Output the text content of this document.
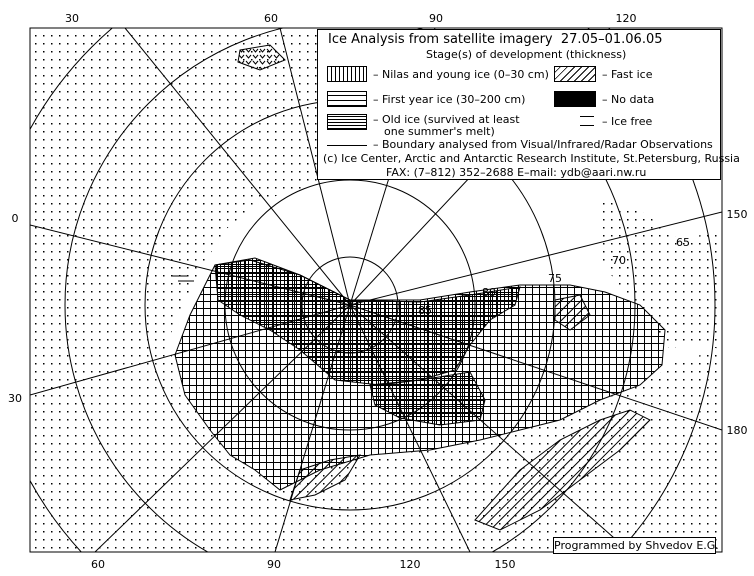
30	60	90	120
60	90	120	150
0
30
150
180
85
80
75
70
65
Ice Analysis from satellite imagery 27.05–01.06.05
Stage(s) of development (thickness)
– Nilas and young ice (0–30 cm)	– Fast ice
– First year ice (30–200 cm)	– No data
– Old ice (survived at least
one summer's melt)
– Ice free
– Boundary analysed from Visual/Infrared/Radar Observations
(c) Ice Center, Arctic and Antarctic Research Institute, St.Petersburg, Russia
FAX: (7–812) 352–2688 E–mail: ydb@aari.nw.ru
Programmed by Shvedov E.G.
